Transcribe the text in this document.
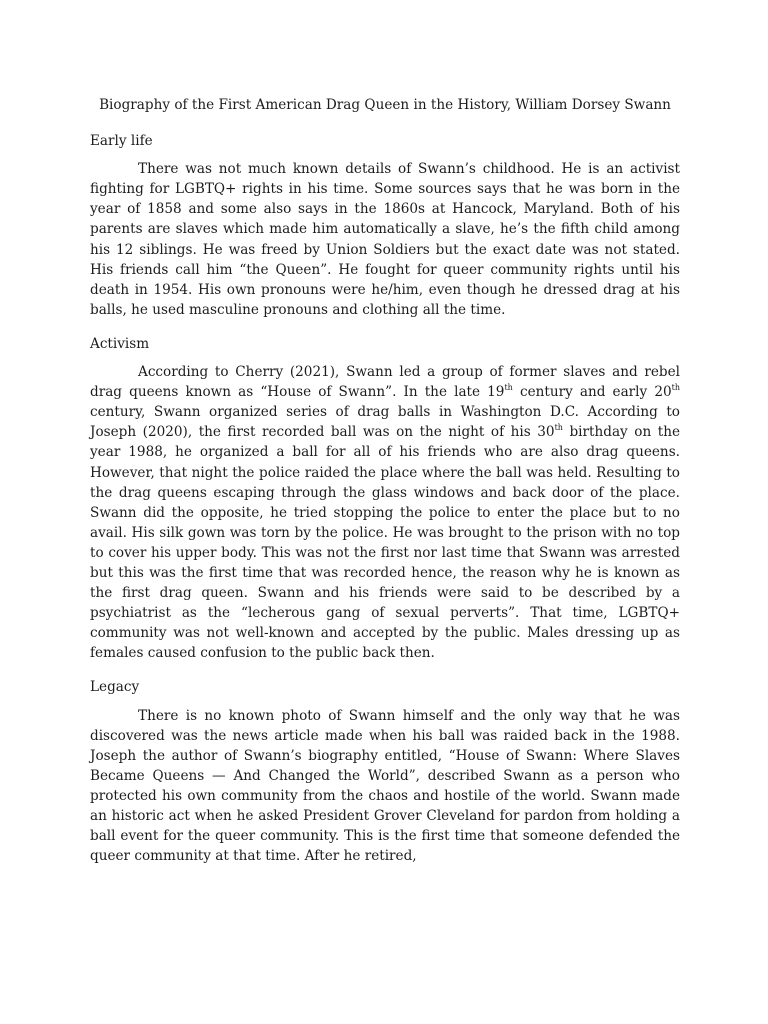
Biography of the First American Drag Queen in the History, William Dorsey Swann
Early life

There was not much known details of Swann’s childhood. He is an activist fighting for LGBTQ+ rights in his time. Some sources says that he was born in the year of 1858 and some also says in the 1860s at Hancock, Maryland. Both of his parents are slaves which made him automatically a slave, he’s the fifth child among his 12 siblings. He was freed by Union Soldiers but the exact date was not stated. His friends call him “the Queen”. He fought for queer community rights until his death in 1954. His own pronouns were he/him, even though he dressed drag at his balls, he used masculine pronouns and clothing all the time.

Activism

According to Cherry (2021), Swann led a group of former slaves and rebel drag queens known as “House of Swann”. In the late 19th century and early 20th century, Swann organized series of drag balls in Washington D.C. According to Joseph (2020), the first recorded ball was on the night of his 30th birthday on the year 1988, he organized a ball for all of his friends who are also drag queens. However, that night the police raided the place where the ball was held. Resulting to the drag queens escaping through the glass windows and back door of the place. Swann did the opposite, he tried stopping the police to enter the place but to no avail. His silk gown was torn by the police. He was brought to the prison with no top to cover his upper body. This was not the first nor last time that Swann was arrested but this was the first time that was recorded hence, the reason why he is known as the first drag queen. Swann and his friends were said to be described by a psychiatrist as the “lecherous gang of sexual perverts”. That time, LGBTQ+ community was not well-known and accepted by the public. Males dressing up as females caused confusion to the public back then.

Legacy

There is no known photo of Swann himself and the only way that he was discovered was the news article made when his ball was raided back in the 1988. Joseph the author of Swann’s biography entitled, “House of Swann: Where Slaves Became Queens — And Changed the World”, described Swann as a person who protected his own community from the chaos and hostile of the world. Swann made an historic act when he asked President Grover Cleveland for pardon from holding a ball event for the queer community. This is the first time that someone defended the queer community at that time. After he retired,
